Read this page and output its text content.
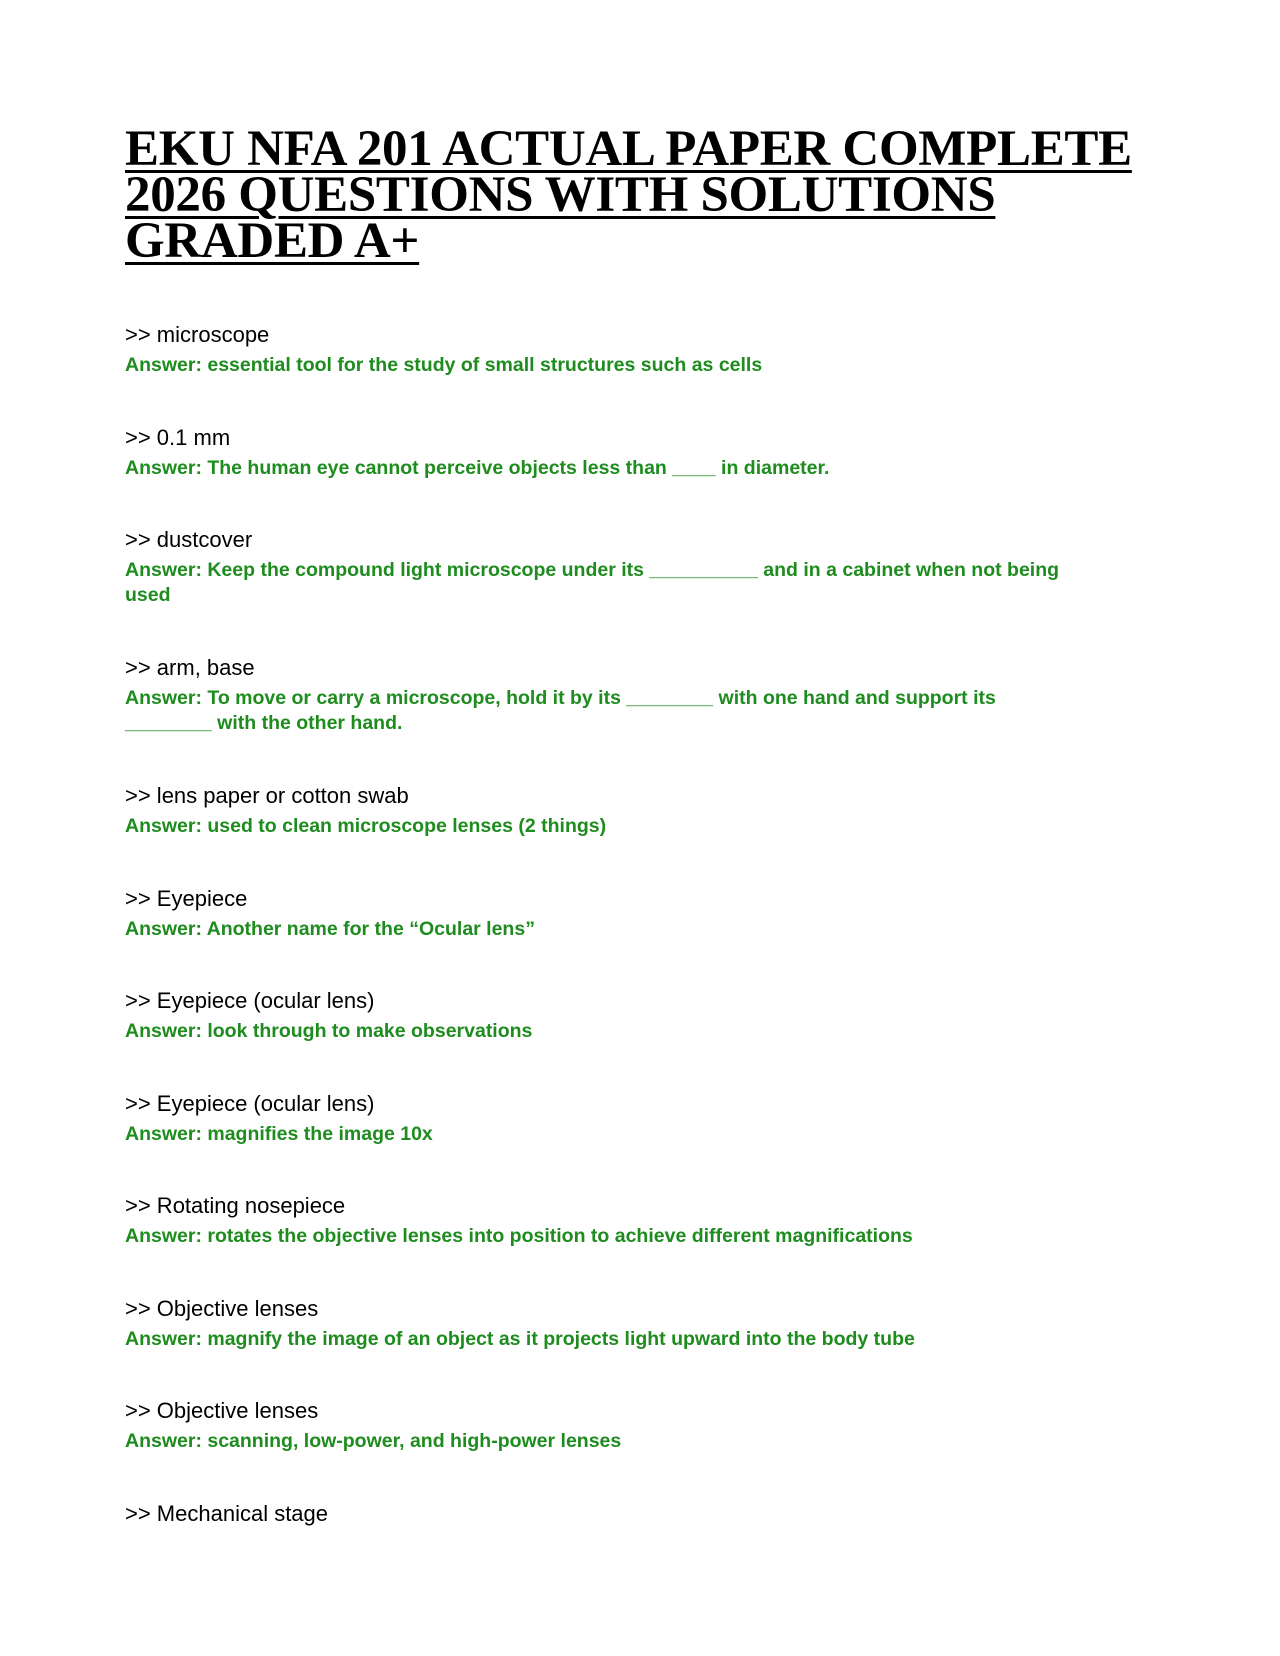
EKU NFA 201 ACTUAL PAPER COMPLETE
2026 QUESTIONS WITH SOLUTIONS
GRADED A+
>> microscope
Answer: essential tool for the study of small structures such as cells
>> 0.1 mm
Answer: The human eye cannot perceive objects less than ____ in diameter.
>> dustcover
Answer: Keep the compound light microscope under its __________ and in a cabinet when not being
used
>> arm, base
Answer: To move or carry a microscope, hold it by its ________ with one hand and support its
________ with the other hand.
>> lens paper or cotton swab
Answer: used to clean microscope lenses (2 things)
>> Eyepiece
Answer: Another name for the “Ocular lens”
>> Eyepiece (ocular lens)
Answer: look through to make observations
>> Eyepiece (ocular lens)
Answer: magnifies the image 10x
>> Rotating nosepiece
Answer: rotates the objective lenses into position to achieve different magnifications
>> Objective lenses
Answer: magnify the image of an object as it projects light upward into the body tube
>> Objective lenses
Answer: scanning, low-power, and high-power lenses
>> Mechanical stage
